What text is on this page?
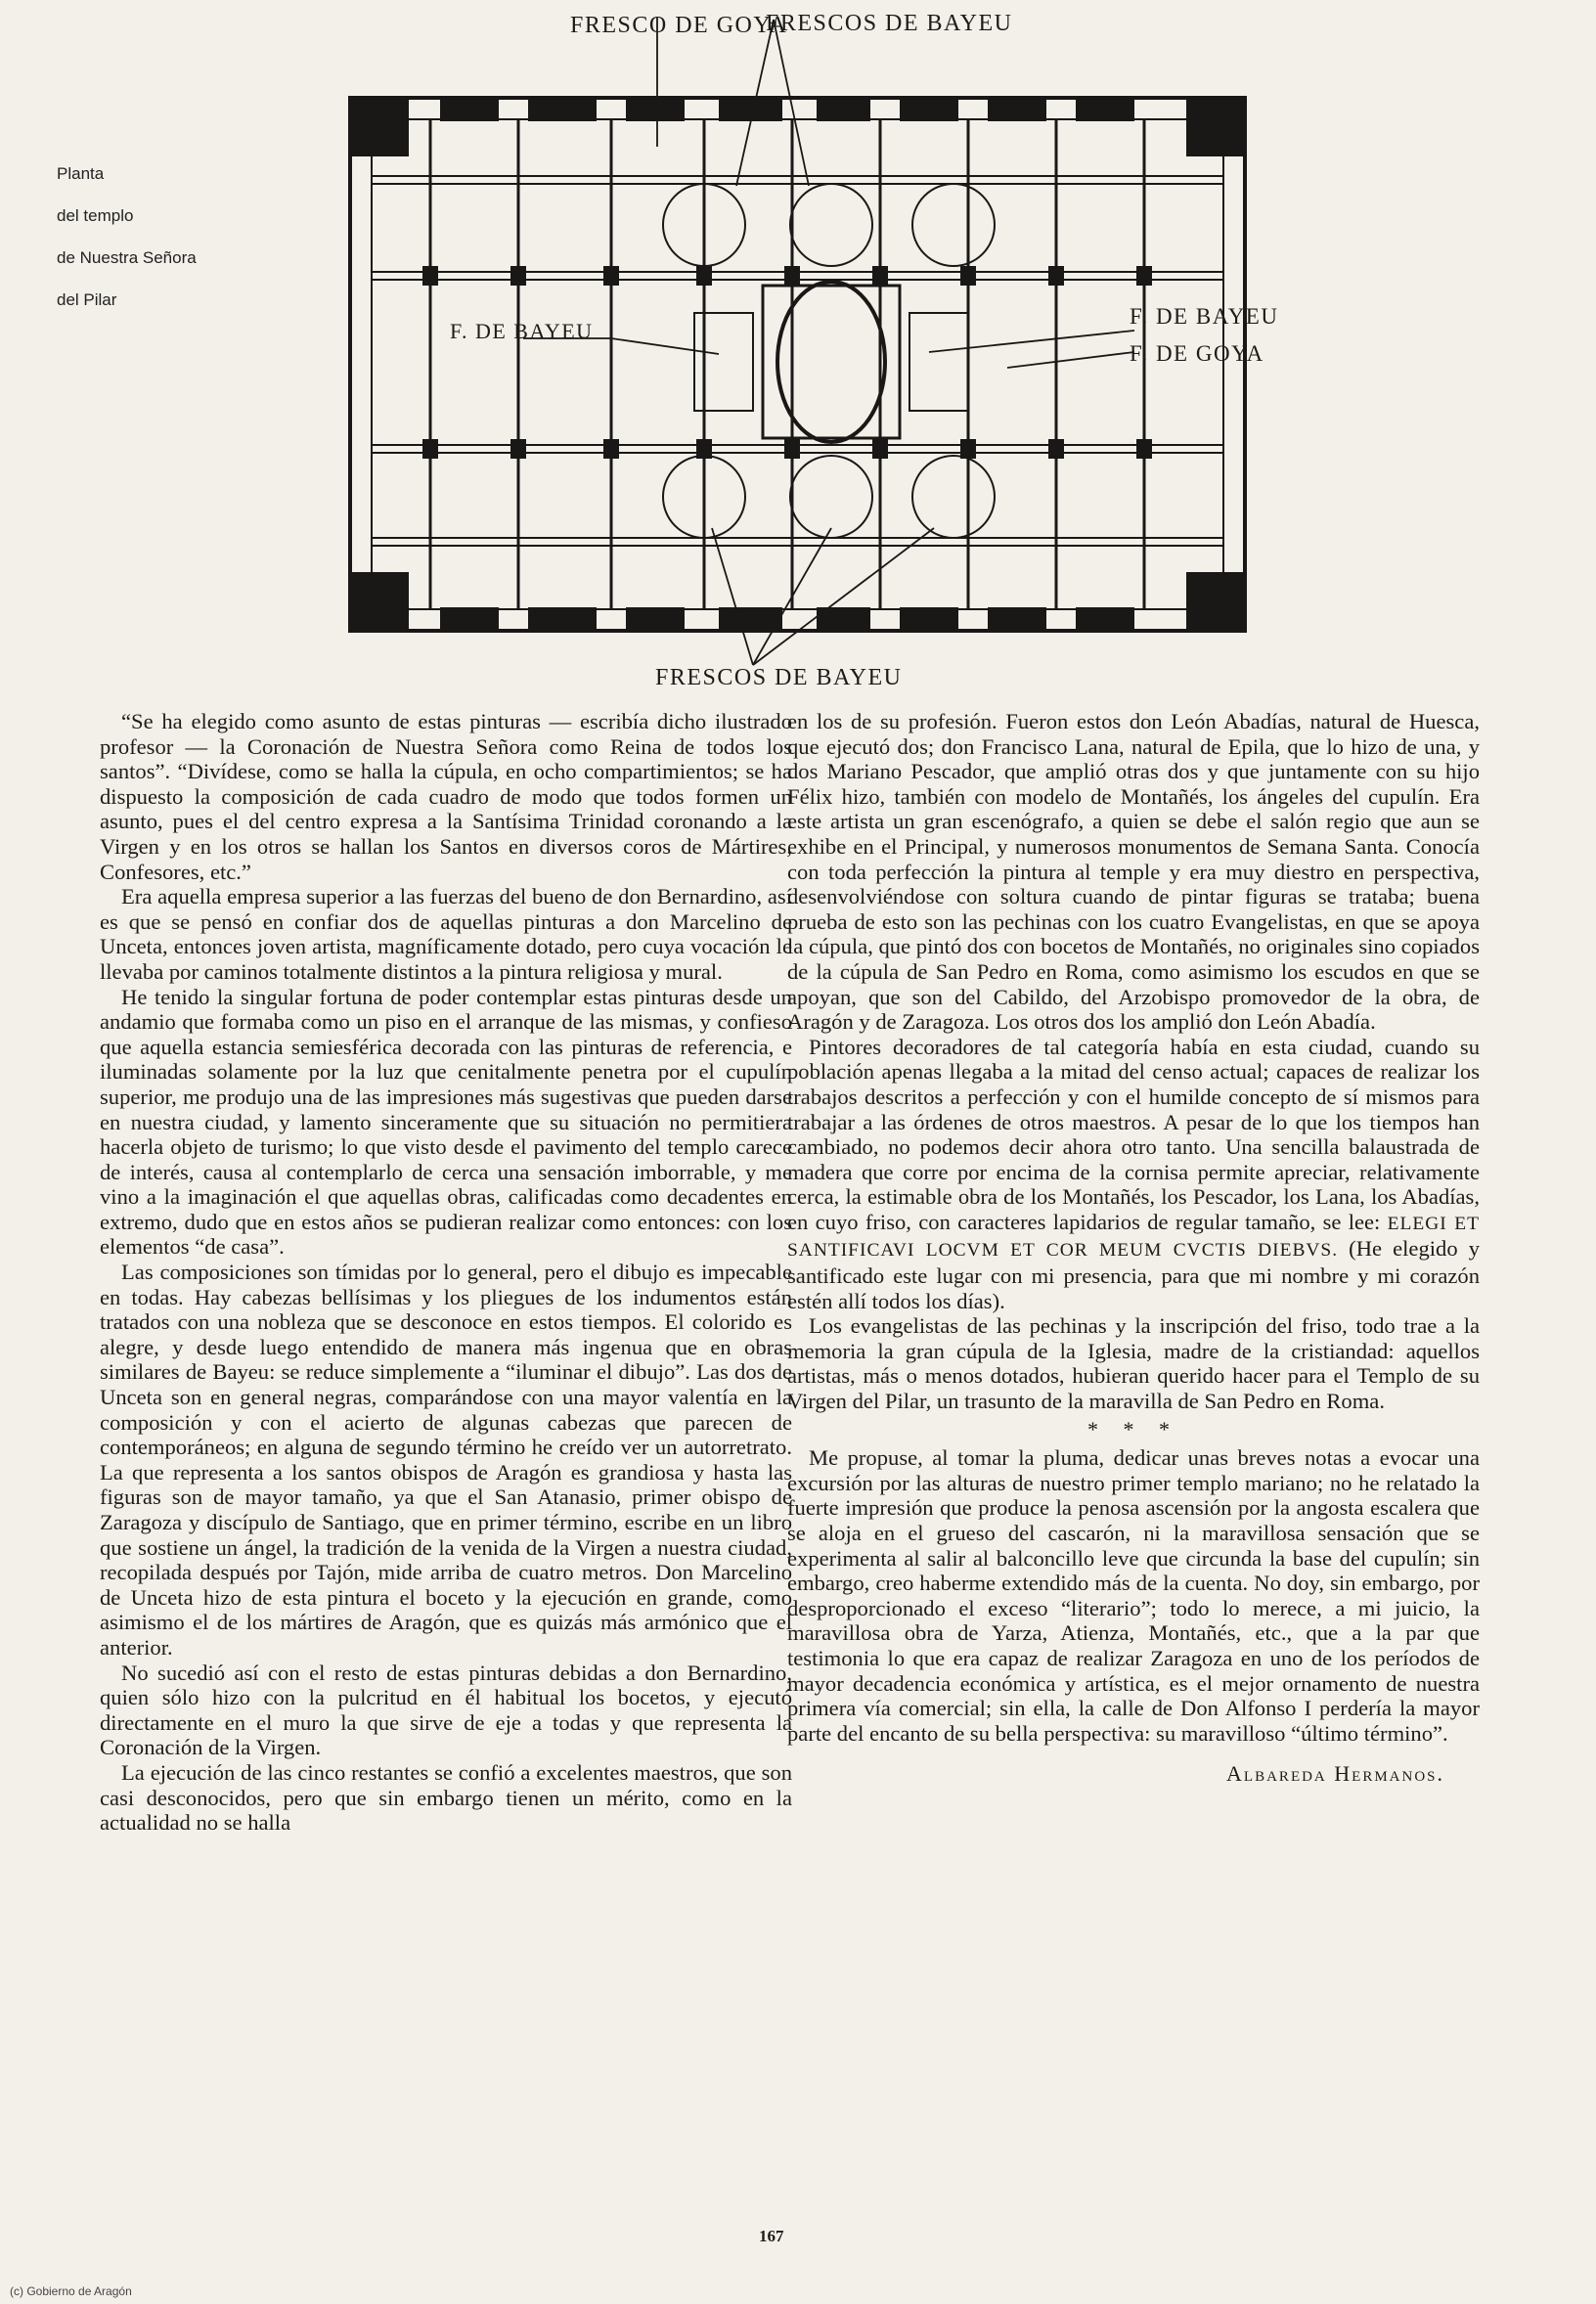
Planta
del templo
de Nuestra Señora
del Pilar
FRESCO DE GOYA
FRESCOS DE BAYEU
F. DE BAYEU
F. DE BAYEU
F. DE GOYA
FRESCOS DE BAYEU

“Se ha elegido como asunto de estas pinturas — escribía dicho ilustrado profesor — la Coronación de Nuestra Señora como Reina de todos los santos”. “Divídese, como se halla la cúpula, en ocho compartimientos; se ha dispuesto la composición de cada cuadro de modo que todos formen un asunto, pues el del centro expresa a la Santísima Trinidad coronando a la Virgen y en los otros se hallan los Santos en diversos coros de Mártires, Confesores, etc.”

Era aquella empresa superior a las fuerzas del bueno de don Bernardino, así es que se pensó en confiar dos de aquellas pinturas a don Marcelino de Unceta, entonces joven artista, magníficamente dotado, pero cuya vocación le llevaba por caminos totalmente distintos a la pintura religiosa y mural.

He tenido la singular fortuna de poder contemplar estas pinturas desde un andamio que formaba como un piso en el arranque de las mismas, y confieso que aquella estancia semiesférica decorada con las pinturas de referencia, e iluminadas solamente por la luz que cenitalmente penetra por el cupulín superior, me produjo una de las impresiones más sugestivas que pueden darse en nuestra ciudad, y lamento sinceramente que su situación no permitiera hacerla objeto de turismo; lo que visto desde el pavimento del templo carece de interés, causa al contemplarlo de cerca una sensación imborrable, y me vino a la imaginación el que aquellas obras, calificadas como decadentes en extremo, dudo que en estos años se pudieran realizar como entonces: con los elementos “de casa”.

Las composiciones son tímidas por lo general, pero el dibujo es impecable en todas. Hay cabezas bellísimas y los pliegues de los indumentos están tratados con una nobleza que se desconoce en estos tiempos. El colorido es alegre, y desde luego entendido de manera más ingenua que en obras similares de Bayeu: se reduce simplemente a “iluminar el dibujo”. Las dos de Unceta son en general negras, comparándose con una mayor valentía en la composición y con el acierto de algunas cabezas que parecen de contemporáneos; en alguna de segundo término he creído ver un autorretrato. La que representa a los santos obispos de Aragón es grandiosa y hasta las figuras son de mayor tamaño, ya que el San Atanasio, primer obispo de Zaragoza y discípulo de Santiago, que en primer término, escribe en un libro que sostiene un ángel, la tradición de la venida de la Virgen a nuestra ciudad, recopilada después por Tajón, mide arriba de cuatro metros. Don Marcelino de Unceta hizo de esta pintura el boceto y la ejecución en grande, como asimismo el de los mártires de Aragón, que es quizás más armónico que el anterior.

No sucedió así con el resto de estas pinturas debidas a don Bernardino, quien sólo hizo con la pulcritud en él habitual los bocetos, y ejecutó directamente en el muro la que sirve de eje a todas y que representa la Coronación de la Virgen.

La ejecución de las cinco restantes se confió a excelentes maestros, que son casi desconocidos, pero que sin embargo tienen un mérito, como en la actualidad no se halla

en los de su profesión. Fueron estos don León Abadías, natural de Huesca, que ejecutó dos; don Francisco Lana, natural de Epila, que lo hizo de una, y dos Mariano Pescador, que amplió otras dos y que juntamente con su hijo Félix hizo, también con modelo de Montañés, los ángeles del cupulín. Era este artista un gran escenógrafo, a quien se debe el salón regio que aun se exhibe en el Principal, y numerosos monumentos de Semana Santa. Conocía con toda perfección la pintura al temple y era muy diestro en perspectiva, desenvolviéndose con soltura cuando de pintar figuras se trataba; buena prueba de esto son las pechinas con los cuatro Evangelistas, en que se apoya la cúpula, que pintó dos con bocetos de Montañés, no originales sino copiados de la cúpula de San Pedro en Roma, como asimismo los escudos en que se apoyan, que son del Cabildo, del Arzobispo promovedor de la obra, de Aragón y de Zaragoza. Los otros dos los amplió don León Abadía.

Pintores decoradores de tal categoría había en esta ciudad, cuando su población apenas llegaba a la mitad del censo actual; capaces de realizar los trabajos descritos a perfección y con el humilde concepto de sí mismos para trabajar a las órdenes de otros maestros. A pesar de lo que los tiempos han cambiado, no podemos decir ahora otro tanto. Una sencilla balaustrada de madera que corre por encima de la cornisa permite apreciar, relativamente cerca, la estimable obra de los Montañés, los Pescador, los Lana, los Abadías, en cuyo friso, con caracteres lapidarios de regular tamaño, se lee: ELEGI ET SANTIFICAVI LOCVM ET COR MEUM CVCTIS DIEBVS. (He elegido y santificado este lugar con mi presencia, para que mi nombre y mi corazón estén allí todos los días).

Los evangelistas de las pechinas y la inscripción del friso, todo trae a la memoria la gran cúpula de la Iglesia, madre de la cristiandad: aquellos artistas, más o menos dotados, hubieran querido hacer para el Templo de su Virgen del Pilar, un trasunto de la maravilla de San Pedro en Roma.

* * *

Me propuse, al tomar la pluma, dedicar unas breves notas a evocar una excursión por las alturas de nuestro primer templo mariano; no he relatado la fuerte impresión que produce la penosa ascensión por la angosta escalera que se aloja en el grueso del cascarón, ni la maravillosa sensación que se experimenta al salir al balconcillo leve que circunda la base del cupulín; sin embargo, creo haberme extendido más de la cuenta. No doy, sin embargo, por desproporcionado el exceso “literario”; todo lo merece, a mi juicio, la maravillosa obra de Yarza, Atienza, Montañés, etc., que a la par que testimonia lo que era capaz de realizar Zaragoza en uno de los períodos de mayor decadencia económica y artística, es el mejor ornamento de nuestra primera vía comercial; sin ella, la calle de Don Alfonso I perdería la mayor parte del encanto de su bella perspectiva: su maravilloso “último término”.

Albareda Hermanos.
167
(c) Gobierno de Aragón
